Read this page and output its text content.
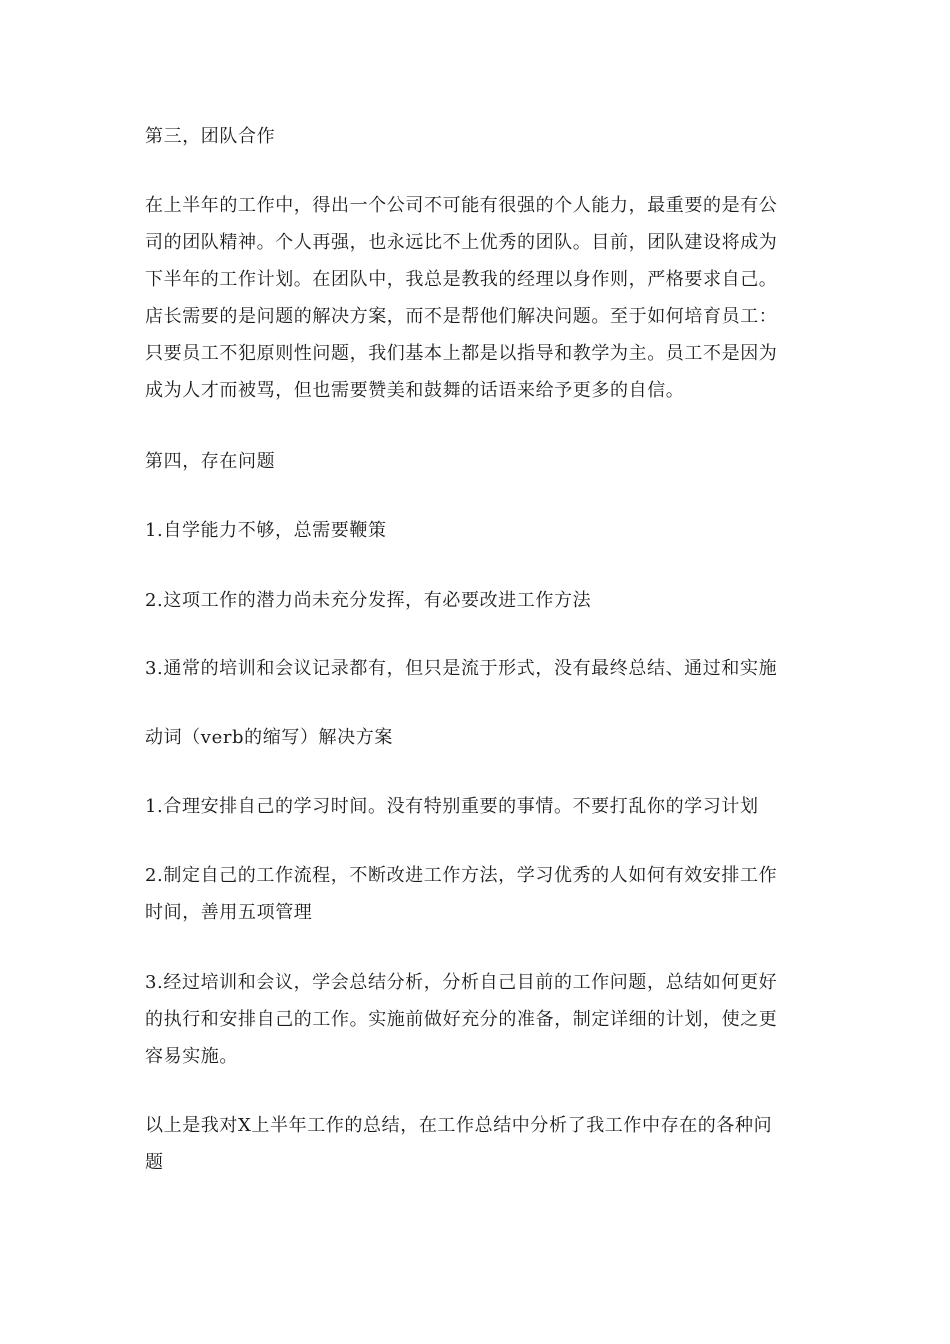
第三，团队合作

在上半年的工作中，得出一个公司不可能有很强的个人能力，最重要的是有公
司的团队精神。个人再强，也永远比不上优秀的团队。目前，团队建设将成为
下半年的工作计划。在团队中，我总是教我的经理以身作则，严格要求自己。
店长需要的是问题的解决方案，而不是帮他们解决问题。至于如何培育员工：
只要员工不犯原则性问题，我们基本上都是以指导和教学为主。员工不是因为
成为人才而被骂，但也需要赞美和鼓舞的话语来给予更多的自信。

第四，存在问题

1.自学能力不够，总需要鞭策

2.这项工作的潜力尚未充分发挥，有必要改进工作方法

3.通常的培训和会议记录都有，但只是流于形式，没有最终总结、通过和实施

动词（verb的缩写）解决方案

1.合理安排自己的学习时间。没有特别重要的事情。不要打乱你的学习计划

2.制定自己的工作流程，不断改进工作方法，学习优秀的人如何有效安排工作
时间，善用五项管理

3.经过培训和会议，学会总结分析，分析自己目前的工作问题，总结如何更好
的执行和安排自己的工作。实施前做好充分的准备，制定详细的计划，使之更
容易实施。

以上是我对X上半年工作的总结，在工作总结中分析了我工作中存在的各种问
题
